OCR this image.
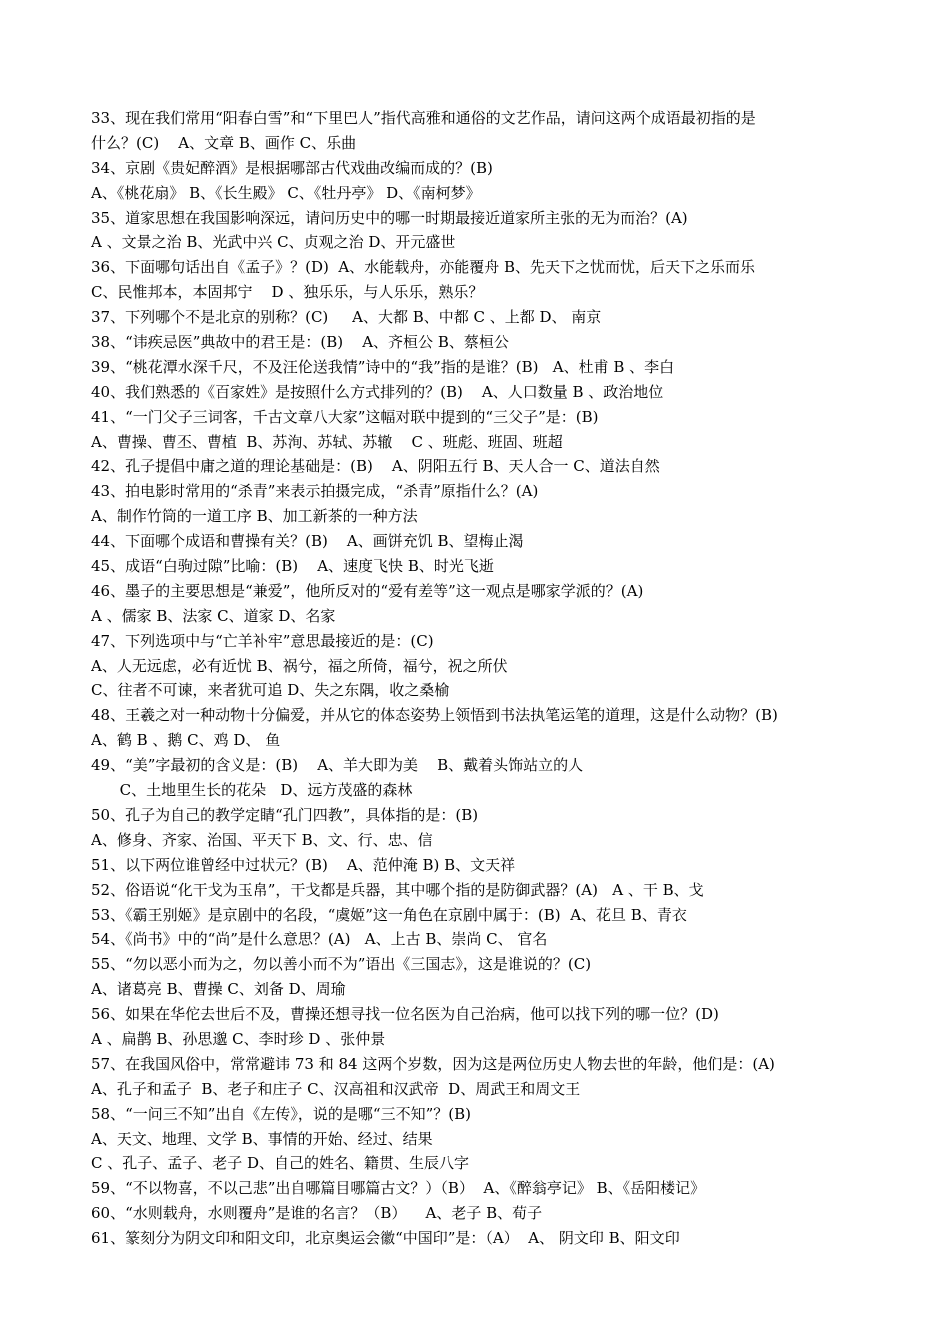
33、现在我们常用“阳春白雪”和“下里巴人”指代高雅和通俗的文艺作品，请问这两个成语最初指的是
什么？(C)    A、文章 B、画作 C、乐曲
34、京剧《贵妃醉酒》是根据哪部古代戏曲改编而成的？(B)
A、《桃花扇》 B、《长生殿》 C、《牡丹亭》 D、《南柯梦》
35、道家思想在我国影响深远，请问历史中的哪一时期最接近道家所主张的无为而治？(A)
A 、文景之治 B、光武中兴 C、贞观之治 D、开元盛世
36、下面哪句话出自《孟子》？(D)  A、水能载舟，亦能覆舟 B、先天下之忧而忧，后天下之乐而乐
C、民惟邦本，本固邦宁    D 、独乐乐，与人乐乐，熟乐？
37、下列哪个不是北京的别称？(C)     A、大都 B、中都 C 、上都 D、 南京
38、“讳疾忌医”典故中的君王是：(B)    A、齐桓公 B、蔡桓公
39、“桃花潭水深千尺，不及汪伦送我情”诗中的“我”指的是谁？(B)   A、杜甫 B 、李白
40、我们熟悉的《百家姓》是按照什么方式排列的？(B)    A、人口数量 B 、政治地位
41、“一门父子三词客，千古文章八大家”这幅对联中提到的“三父子”是：(B)
A、曹操、曹丕、曹植  B、苏洵、苏轼、苏辙    C 、班彪、班固、班超
42、孔子提倡中庸之道的理论基础是：(B)    A、阴阳五行 B、天人合一 C、道法自然
43、拍电影时常用的“杀青”来表示拍摄完成，“杀青”原指什么？(A)
A、制作竹筒的一道工序 B、加工新茶的一种方法
44、下面哪个成语和曹操有关？(B)    A、画饼充饥 B、望梅止渴
45、成语“白驹过隙”比喻：(B)    A、速度飞快 B、时光飞逝
46、墨子的主要思想是“兼爱”，他所反对的“爱有差等”这一观点是哪家学派的？(A)
A 、儒家 B、法家 C、道家 D、名家
47、下列选项中与“亡羊补牢”意思最接近的是：(C)
A、人无远虑，必有近忧 B、祸兮，福之所倚，福兮，祝之所伏
C、往者不可谏，来者犹可追 D、失之东隅，收之桑榆
48、王羲之对一种动物十分偏爱，并从它的体态姿势上领悟到书法执笔运笔的道理，这是什么动物？(B)
A、鹤 B 、鹅 C、鸡 D、 鱼
49、“美”字最初的含义是：(B)    A、羊大即为美    B、戴着头饰站立的人
C、土地里生长的花朵   D、远方茂盛的森林
50、孔子为自己的教学定睛“孔门四教”，具体指的是：(B)
A、修身、齐家、治国、平天下 B、文、行、忠、信
51、以下两位谁曾经中过状元？(B)    A、范仲淹 B) B、文天祥
52、俗语说“化干戈为玉帛”，干戈都是兵器，其中哪个指的是防御武器？(A)   A 、干 B、戈
53、《霸王别姬》是京剧中的名段，“虞姬”这一角色在京剧中属于：(B)  A、花旦 B、青衣
54、《尚书》中的“尚”是什么意思？(A)   A、上古 B、崇尚 C、 官名
55、“勿以恶小而为之，勿以善小而不为”语出《三国志》，这是谁说的？(C)
A、诸葛亮 B、曹操 C、刘备 D、周瑜
56、如果在华佗去世后不及，曹操还想寻找一位名医为自己治病，他可以找下列的哪一位？(D)
A 、扁鹊 B、孙思邈 C、李时珍 D 、张仲景
57、在我国风俗中，常常避讳 73 和 84 这两个岁数，因为这是两位历史人物去世的年龄，他们是：(A)
A、孔子和孟子  B、老子和庄子 C、汉高祖和汉武帝  D、周武王和周文王
58、“一问三不知”出自《左传》，说的是哪“三不知”？(B)
A、天文、地理、文学 B、事情的开始、经过、结果
C 、孔子、孟子、老子 D、自己的姓名、籍贯、生辰八字
59、“不以物喜，不以己悲”出自哪篇目哪篇古文？）（B）  A、《醉翁亭记》 B、《岳阳楼记》
60、“水则载舟，水则覆舟”是谁的名言？（B）    A、老子 B、荀子
61、篆刻分为阴文印和阳文印，北京奥运会徽“中国印”是：（A）  A、 阴文印 B、阳文印
